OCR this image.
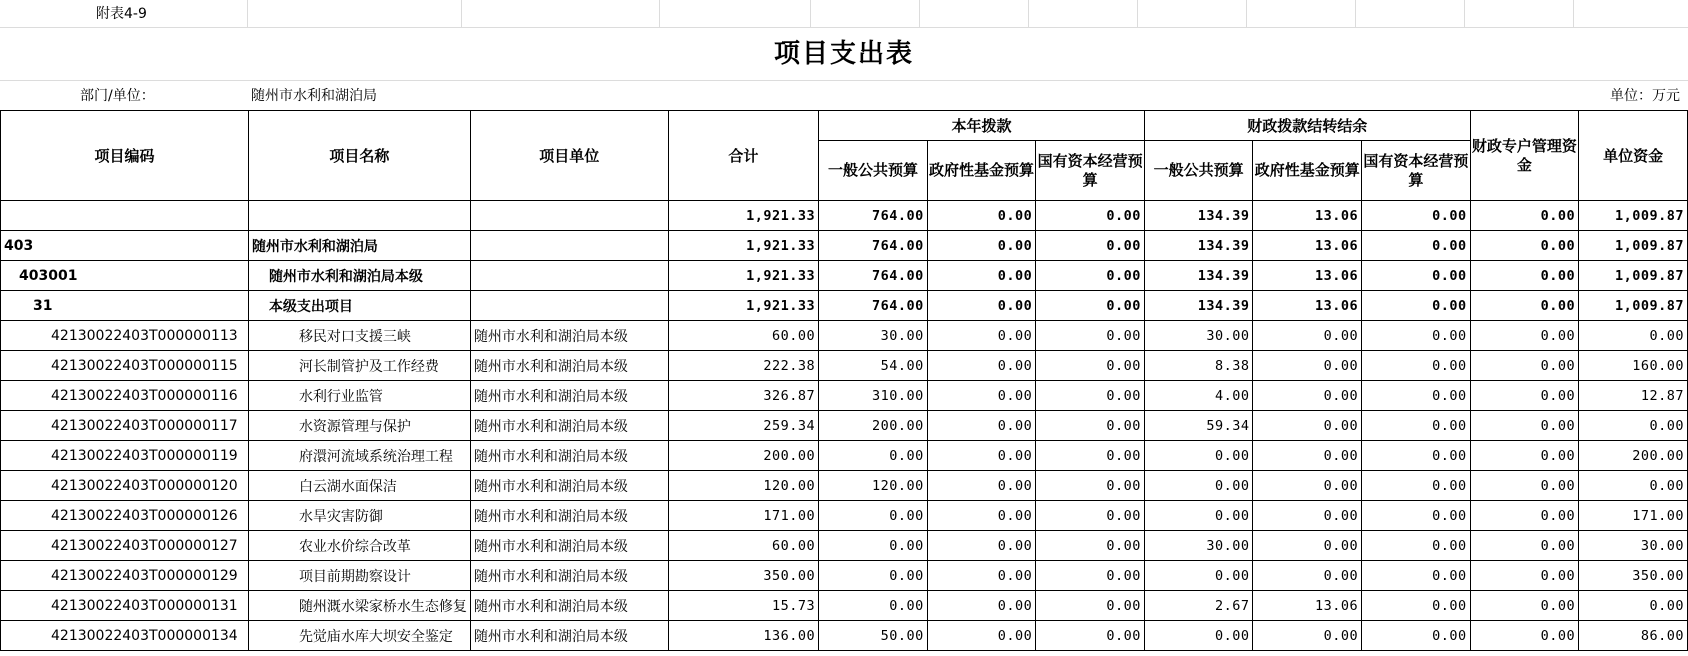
附表4-9
项目支出表
部门/单位：	随州市水利和湖泊局	单位：万元
项目编码	项目名称	项目单位	合计	本年拨款			财政拨款结转结余			财政专户管理资金	单位资金
				一般公共预算	政府性基金预算	国有资本经营预算	一般公共预算	政府性基金预算	国有资本经营预算		
			1,921.33	764.00	0.00	0.00	134.39	13.06	0.00	0.00	1,009.87
403	随州市水利和湖泊局		1,921.33	764.00	0.00	0.00	134.39	13.06	0.00	0.00	1,009.87
403001	随州市水利和湖泊局本级		1,921.33	764.00	0.00	0.00	134.39	13.06	0.00	0.00	1,009.87
31	本级支出项目		1,921.33	764.00	0.00	0.00	134.39	13.06	0.00	0.00	1,009.87
42130022403T000000113	移民对口支援三峡	随州市水利和湖泊局本级	60.00	30.00	0.00	0.00	30.00	0.00	0.00	0.00	0.00
42130022403T000000115	河长制管护及工作经费	随州市水利和湖泊局本级	222.38	54.00	0.00	0.00	8.38	0.00	0.00	0.00	160.00
42130022403T000000116	水利行业监管	随州市水利和湖泊局本级	326.87	310.00	0.00	0.00	4.00	0.00	0.00	0.00	12.87
42130022403T000000117	水资源管理与保护	随州市水利和湖泊局本级	259.34	200.00	0.00	0.00	59.34	0.00	0.00	0.00	0.00
42130022403T000000119	府澴河流域系统治理工程	随州市水利和湖泊局本级	200.00	0.00	0.00	0.00	0.00	0.00	0.00	0.00	200.00
42130022403T000000120	白云湖水面保洁	随州市水利和湖泊局本级	120.00	120.00	0.00	0.00	0.00	0.00	0.00	0.00	0.00
42130022403T000000126	水旱灾害防御	随州市水利和湖泊局本级	171.00	0.00	0.00	0.00	0.00	0.00	0.00	0.00	171.00
42130022403T000000127	农业水价综合改革	随州市水利和湖泊局本级	60.00	0.00	0.00	0.00	30.00	0.00	0.00	0.00	30.00
42130022403T000000129	项目前期勘察设计	随州市水利和湖泊局本级	350.00	0.00	0.00	0.00	0.00	0.00	0.00	0.00	350.00
42130022403T000000131	随州溉水梁家桥水生态修复	随州市水利和湖泊局本级	15.73	0.00	0.00	0.00	2.67	13.06	0.00	0.00	0.00
42130022403T000000134	先觉庙水库大坝安全鉴定	随州市水利和湖泊局本级	136.00	50.00	0.00	0.00	0.00	0.00	0.00	0.00	86.00
